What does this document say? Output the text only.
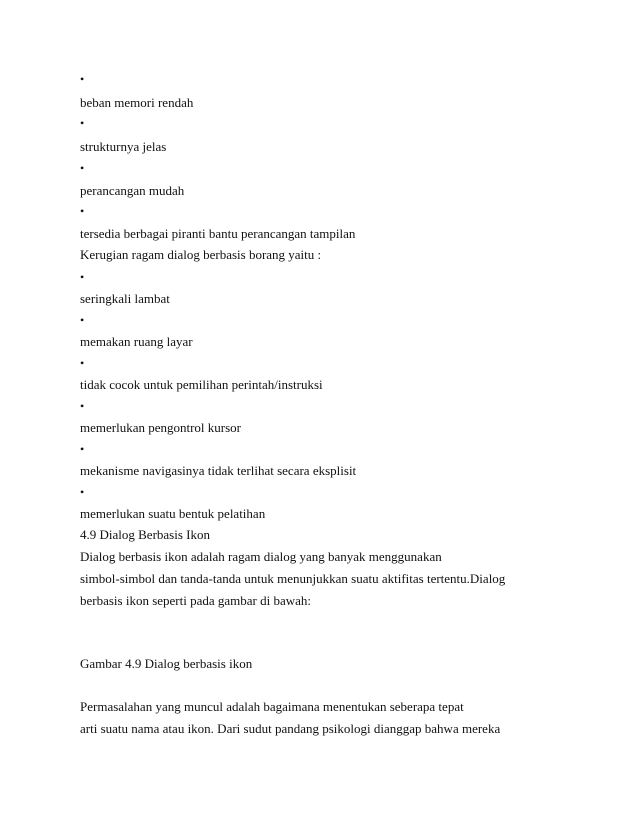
•
beban memori rendah
•
strukturnya jelas
•
perancangan mudah
•
tersedia berbagai piranti bantu perancangan tampilan
Kerugian ragam dialog berbasis borang yaitu :
•
seringkali lambat
•
memakan ruang layar
•
tidak cocok untuk pemilihan perintah/instruksi
•
memerlukan pengontrol kursor
•
mekanisme navigasinya tidak terlihat secara eksplisit
•
memerlukan suatu bentuk pelatihan
4.9 Dialog Berbasis Ikon
Dialog berbasis ikon adalah ragam dialog yang banyak menggunakan
simbol-simbol dan tanda-tanda untuk menunjukkan suatu aktifitas tertentu.Dialog
berbasis ikon seperti pada gambar di bawah:
Gambar 4.9 Dialog berbasis ikon
Permasalahan yang muncul adalah bagaimana menentukan seberapa tepat
arti suatu nama atau ikon. Dari sudut pandang psikologi dianggap bahwa mereka
